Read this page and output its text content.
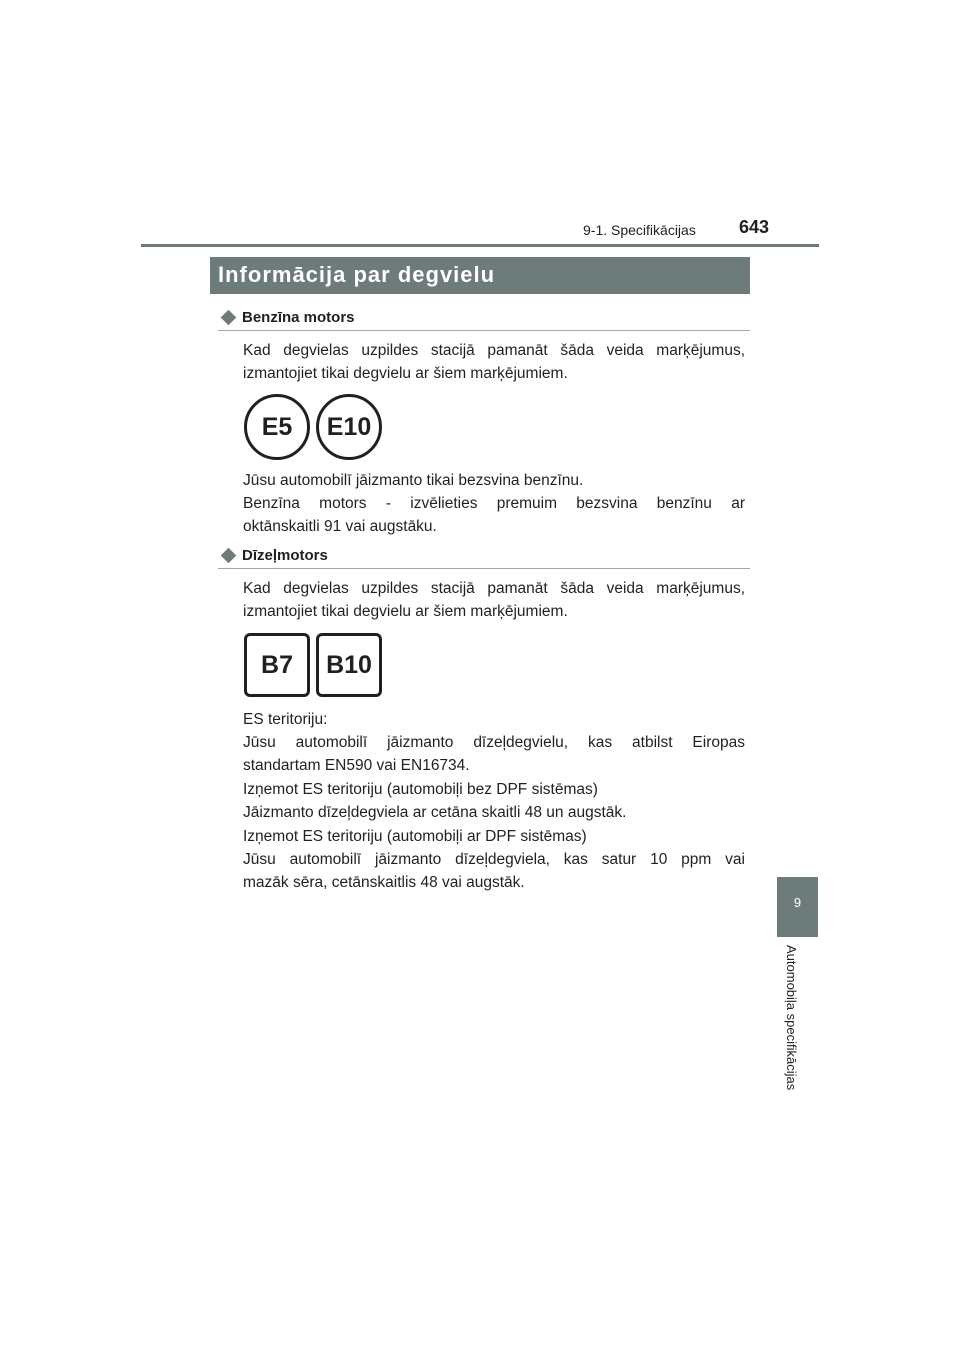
9-1. Specifikācijas 643
9
Automobiļa specifikācijas
Informācija par degvielu
Benzīna motors
Kad degvielas uzpildes stacijā pamanāt šāda veida marķējumus,
izmantojiet tikai degvielu ar šiem marķējumiem.
E5	E10
Jūsu automobilī jāizmanto tikai bezsvina benzīnu.
Benzīna motors - izvēlieties premuim bezsvina benzīnu ar
oktānskaitli 91 vai augstāku.
Dīzeļmotors
Kad degvielas uzpildes stacijā pamanāt šāda veida marķējumus,
izmantojiet tikai degvielu ar šiem marķējumiem.
B7	B10
ES teritoriju:
Jūsu automobilī jāizmanto dīzeļdegvielu, kas atbilst Eiropas
standartam EN590 vai EN16734.
Izņemot ES teritoriju (automobiļi bez DPF sistēmas)
Jāizmanto dīzeļdegviela ar cetāna skaitli 48 un augstāk.
Izņemot ES teritoriju (automobiļi ar DPF sistēmas)
Jūsu automobilī jāizmanto dīzeļdegviela, kas satur 10 ppm vai
mazāk sēra, cetānskaitlis 48 vai augstāk.
